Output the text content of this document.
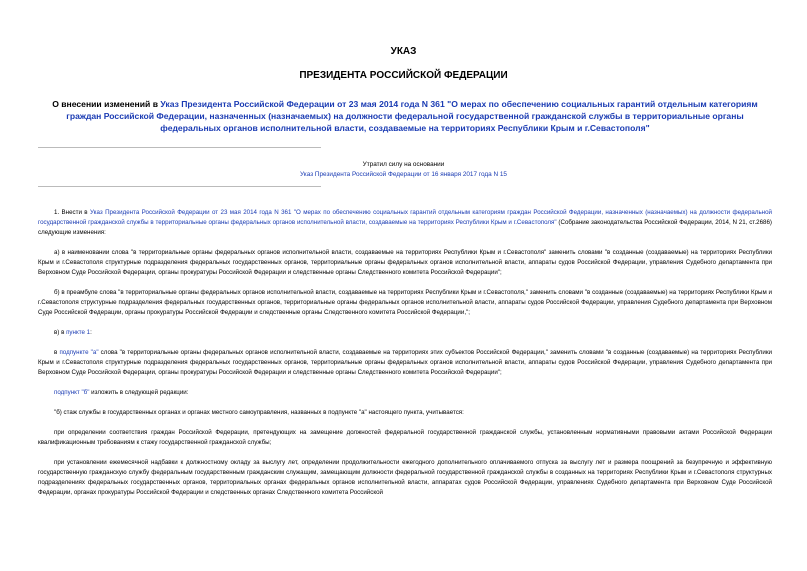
УКАЗ
ПРЕЗИДЕНТА РОССИЙСКОЙ ФЕДЕРАЦИИ
О внесении изменений в Указ Президента Российской Федерации от 23 мая 2014 года N 361 "О мерах по обеспечению социальных гарантий отдельным категориям граждан Российской Федерации, назначенных (назначаемых) на должности федеральной государственной гражданской службы в территориальные органы федеральных органов исполнительной власти, создаваемые на территориях Республики Крым и г.Севастополя"
Утратил силу на основании
Указ Президента Российской Федерации от 16 января 2017 года N 15

1. Внести в Указ Президента Российской Федерации от 23 мая 2014 года N 361 "О мерах по обеспечению социальных гарантий отдельным категориям граждан Российской Федерации, назначенных (назначаемых) на должности федеральной государственной гражданской службы в территориальные органы федеральных органов исполнительной власти, создаваемые на территориях Республики Крым и г.Севастополя" (Собрание законодательства Российской Федерации, 2014, N 21, ст.2686) следующие изменения:

а) в наименовании слова "в территориальные органы федеральных органов исполнительной власти, создаваемые на территориях Республики Крым и г.Севастополя" заменить словами "в созданные (создаваемые) на территориях Республики Крым и г.Севастополя структурные подразделения федеральных государственных органов, территориальные органы федеральных органов исполнительной власти, аппараты судов Российской Федерации, управления Судебного департамента при Верховном Суде Российской Федерации, органы прокуратуры Российской Федерации и следственные органы Следственного комитета Российской Федерации";

б) в преамбуле слова "в территориальные органы федеральных органов исполнительной власти, создаваемые на территориях Республики Крым и г.Севастополя," заменить словами "в созданные (создаваемые) на территориях Республики Крым и г.Севастополя структурные подразделения федеральных государственных органов, территориальные органы федеральных органов исполнительной власти, аппараты судов Российской Федерации, управления Судебного департамента при Верховном Суде Российской Федерации, органы прокуратуры Российской Федерации и следственные органы Следственного комитета Российской Федерации,";

в) в пункте 1:

в подпункте "а" слова "в территориальные органы федеральных органов исполнительной власти, создаваемые на территориях этих субъектов Российской Федерации," заменить словами "в созданные (создаваемые) на территориях Республики Крым и г.Севастополя структурные подразделения федеральных государственных органов, территориальные органы федеральных органов исполнительной власти, аппараты судов Российской Федерации, управления Судебного департамента при Верховном Суде Российской Федерации, органы прокуратуры Российской Федерации и следственные органы Следственного комитета Российской Федерации";

подпункт "б" изложить в следующей редакции:

"б) стаж службы в государственных органах и органах местного самоуправления, названных в подпункте "а" настоящего пункта, учитывается:

при определении соответствия граждан Российской Федерации, претендующих на замещение должностей федеральной государственной гражданской службы, установленным нормативными правовыми актами Российской Федерации квалификационным требованиям к стажу государственной гражданской службы;

при установлении ежемесячной надбавки к должностному окладу за выслугу лет, определении продолжительности ежегодного дополнительного оплачиваемого отпуска за выслугу лет и размера поощрений за безупречную и эффективную государственную гражданскую службу федеральным государственным гражданским служащим, замещающим должности федеральной государственной гражданской службы в созданных на территориях Республики Крым и г.Севастополя структурных подразделениях федеральных государственных органов, территориальных органах федеральных органов исполнительной власти, аппаратах судов Российской Федерации, управлениях Судебного департамента при Верховном Суде Российской Федерации, органах прокуратуры Российской Федерации и следственных органах Следственного комитета Российской
